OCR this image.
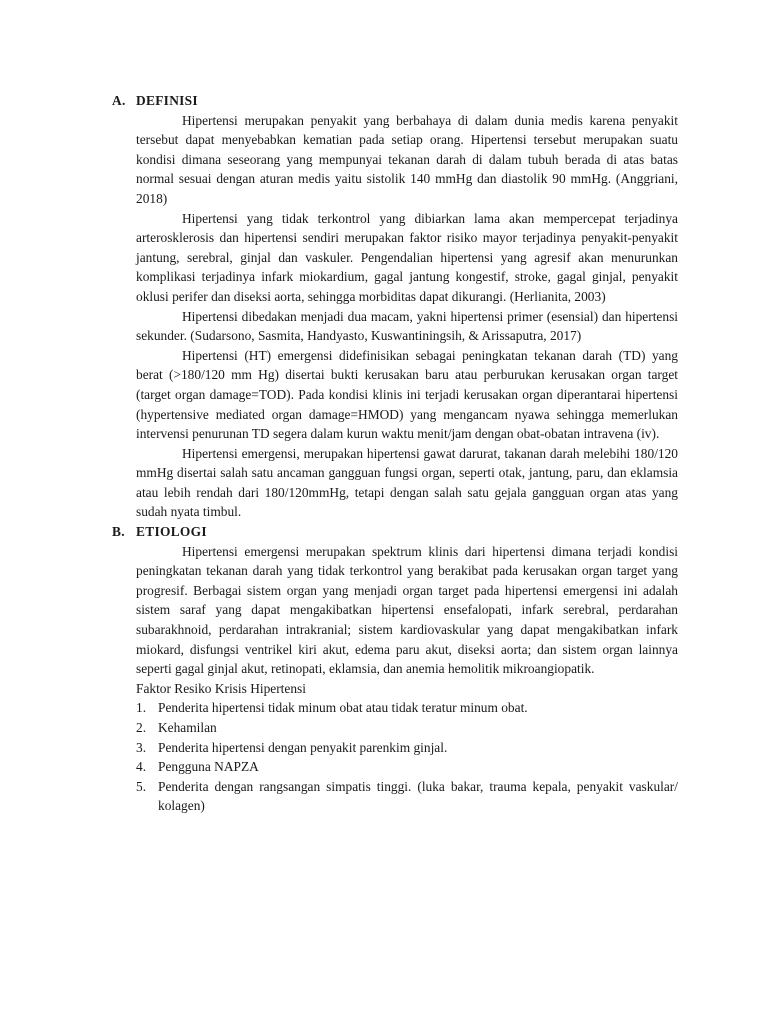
A. DEFINISI

Hipertensi merupakan penyakit yang berbahaya di dalam dunia medis karena penyakit tersebut dapat menyebabkan kematian pada setiap orang. Hipertensi tersebut merupakan suatu kondisi dimana seseorang yang mempunyai tekanan darah di dalam tubuh berada di atas batas normal sesuai dengan aturan medis yaitu sistolik 140 mmHg dan diastolik 90 mmHg. (Anggriani, 2018)

Hipertensi yang tidak terkontrol yang dibiarkan lama akan mempercepat terjadinya arterosklerosis dan hipertensi sendiri merupakan faktor risiko mayor terjadinya penyakit-penyakit jantung, serebral, ginjal dan vaskuler. Pengendalian hipertensi yang agresif akan menurunkan komplikasi terjadinya infark miokardium, gagal jantung kongestif, stroke, gagal ginjal, penyakit oklusi perifer dan diseksi aorta, sehingga morbiditas dapat dikurangi. (Herlianita, 2003)

Hipertensi dibedakan menjadi dua macam, yakni hipertensi primer (esensial) dan hipertensi sekunder. (Sudarsono, Sasmita, Handyasto, Kuswantiningsih, & Arissaputra, 2017)

Hipertensi (HT) emergensi didefinisikan sebagai peningkatan tekanan darah (TD) yang berat (>180/120 mm Hg) disertai bukti kerusakan baru atau perburukan kerusakan organ target (target organ damage=TOD). Pada kondisi klinis ini terjadi kerusakan organ diperantarai hipertensi (hypertensive mediated organ damage=HMOD) yang mengancam nyawa sehingga memerlukan intervensi penurunan TD segera dalam kurun waktu menit/jam dengan obat-obatan intravena (iv).

Hipertensi emergensi, merupakan hipertensi gawat darurat, takanan darah melebihi 180/120 mmHg disertai salah satu ancaman gangguan fungsi organ, seperti otak, jantung, paru, dan eklamsia atau lebih rendah dari 180/120mmHg, tetapi dengan salah satu gejala gangguan organ atas yang sudah nyata timbul.

B. ETIOLOGI

Hipertensi emergensi merupakan spektrum klinis dari hipertensi dimana terjadi kondisi peningkatan tekanan darah yang tidak terkontrol yang berakibat pada kerusakan organ target yang progresif. Berbagai sistem organ yang menjadi organ target pada hipertensi emergensi ini adalah sistem saraf yang dapat mengakibatkan hipertensi ensefalopati, infark serebral, perdarahan subarakhnoid, perdarahan intrakranial; sistem kardiovaskular yang dapat mengakibatkan infark miokard, disfungsi ventrikel kiri akut, edema paru akut, diseksi aorta; dan sistem organ lainnya seperti gagal ginjal akut, retinopati, eklamsia, dan anemia hemolitik mikroangiopatik.

Faktor Resiko Krisis Hipertensi

1. Penderita hipertensi tidak minum obat atau tidak teratur minum obat.
2. Kehamilan
3. Penderita hipertensi dengan penyakit parenkim ginjal.
4. Pengguna NAPZA
5. Penderita dengan rangsangan simpatis tinggi. (luka bakar, trauma kepala, penyakit vaskular/ kolagen)
